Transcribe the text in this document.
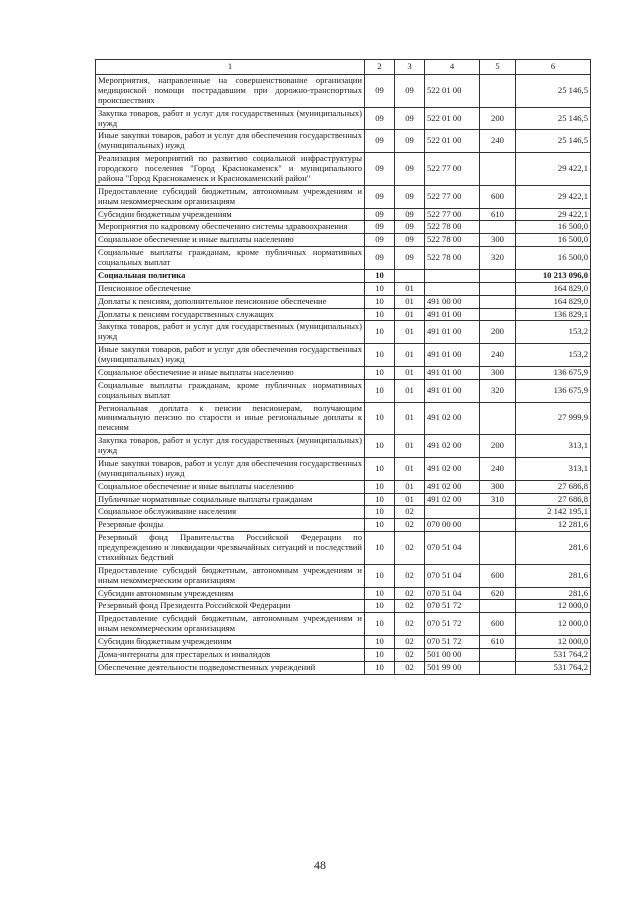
1	2	3	4	5	6
Мероприятия, направленные на совершенствование организации медицинской помощи пострадавшим при дорожно-транспортных происшествиях	09	09	522 01 00		25 146,5
Закупка товаров, работ и услуг для государственных (муниципальных) нужд	09	09	522 01 00	200	25 146,5
Иные закупки товаров, работ и услуг для обеспечения государственных (муниципальных) нужд	09	09	522 01 00	240	25 146,5
Реализация мероприятий по развитию социальной инфраструктуры городского поселения "Город Краснокаменск" и муниципального района "Город Краснокаменск и Краснокаменский район"	09	09	522 77 00		29 422,1
Предоставление субсидий бюджетным, автономным учреждениям и иным некоммерческим организациям	09	09	522 77 00	600	29 422,1
Субсидии бюджетным учреждениям	09	09	522 77 00	610	29 422,1
Мероприятия по кадровому обеспечению системы здравоохранения	09	09	522 78 00		16 500,0
Социальное обеспечение и иные выплаты населению	09	09	522 78 00	300	16 500,0
Социальные выплаты гражданам, кроме публичных нормативных социальных выплат	09	09	522 78 00	320	16 500,0
Социальная политика	10				10 213 096,0
Пенсионное обеспечение	10	01			164 829,0
Доплаты к пенсиям, дополнительное пенсионное обеспечение	10	01	491 00 00		164 829,0
Доплаты к пенсиям государственных служащих	10	01	491 01 00		136 829,1
Закупка товаров, работ и услуг для государственных (муниципальных) нужд	10	01	491 01 00	200	153,2
Иные закупки товаров, работ и услуг для обеспечения государственных (муниципальных) нужд	10	01	491 01 00	240	153,2
Социальное обеспечение и иные выплаты населению	10	01	491 01 00	300	136 675,9
Социальные выплаты гражданам, кроме публичных нормативных социальных выплат	10	01	491 01 00	320	136 675,9
Региональная доплата к пенсии пенсионерам, получающим минимальную пенсию по старости и иные региональные доплаты к пенсиям	10	01	491 02 00		27 999,9
Закупка товаров, работ и услуг для государственных (муниципальных) нужд	10	01	491 02 00	200	313,1
Иные закупки товаров, работ и услуг для обеспечения государственных (муниципальных) нужд	10	01	491 02 00	240	313,1
Социальное обеспечение и иные выплаты населению	10	01	491 02 00	300	27 686,8
Публичные нормативные социальные выплаты гражданам	10	01	491 02 00	310	27 686,8
Социальное обслуживание населения	10	02			2 142 195,1
Резервные фонды	10	02	070 00 00		12 281,6
Резервный фонд Правительства Российской Федерации по предупреждению и ликвидации чрезвычайных ситуаций и последствий стихийных бедствий	10	02	070 51 04		281,6
Предоставление субсидий бюджетным, автономным учреждениям и иным некоммерческим организациям	10	02	070 51 04	600	281,6
Субсидии автономным учреждениям	10	02	070 51 04	620	281,6
Резервный фонд Президента Российской Федерации	10	02	070 51 72		12 000,0
Предоставление субсидий бюджетным, автономным учреждениям и иным некоммерческим организациям	10	02	070 51 72	600	12 000,0
Субсидии бюджетным учреждениям	10	02	070 51 72	610	12 000,0
Дома-интернаты для престарелых и инвалидов	10	02	501 00 00		531 764,2
Обеспечение деятельности подведомственных учреждений	10	02	501 99 00		531 764,2
48
